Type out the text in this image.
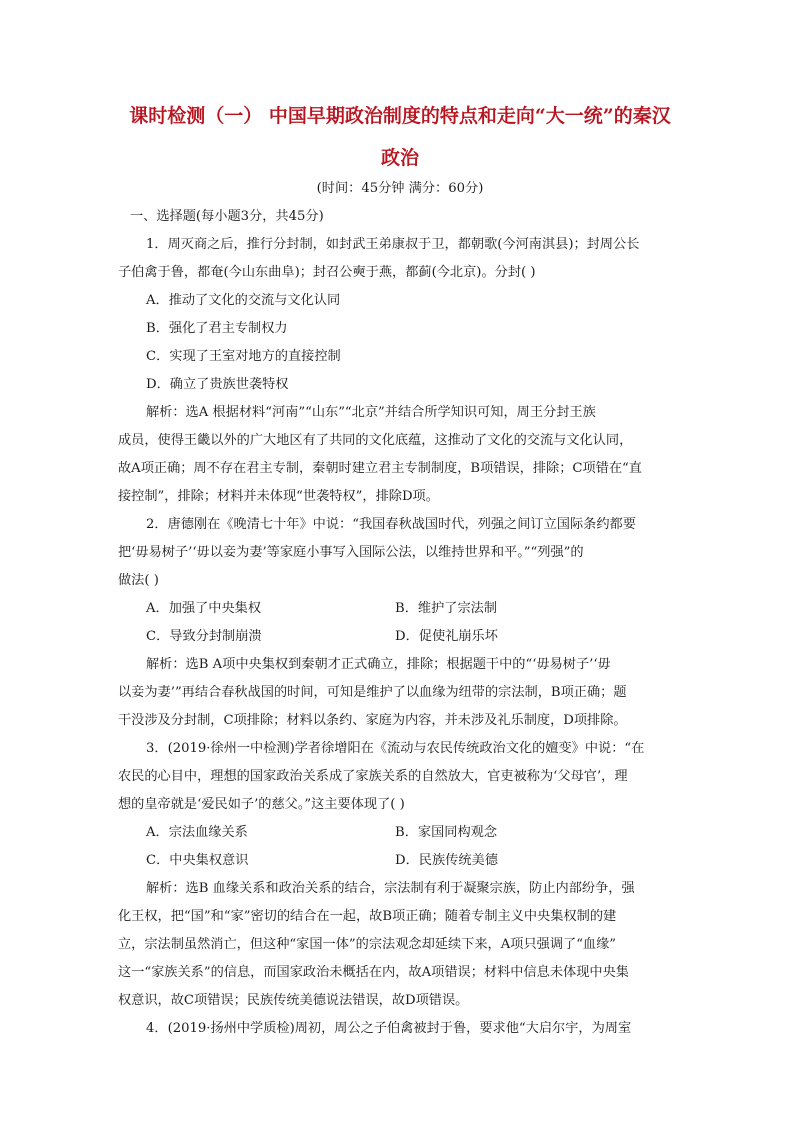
课时检测（一） 中国早期政治制度的特点和走向“大一统”的秦汉
政治
(时间：45分钟 满分：60分)
一、选择题(每小题3分，共45分)
1．周灭商之后，推行分封制，如封武王弟康叔于卫，都朝歌(今河南淇县)；封周公长
子伯禽于鲁，都奄(今山东曲阜)；封召公奭于燕，都蓟(今北京)。分封( )
A．推动了文化的交流与文化认同
B．强化了君主专制权力
C．实现了王室对地方的直接控制
D．确立了贵族世袭特权
解析：选A 根据材料“河南”“山东”“北京”并结合所学知识可知，周王分封王族
成员，使得王畿以外的广大地区有了共同的文化底蕴，这推动了文化的交流与文化认同，
故A项正确；周不存在君主专制，秦朝时建立君主专制制度，B项错误，排除；C项错在“直
接控制”，排除；材料并未体现“世袭特权”，排除D项。
2．唐德刚在《晚清七十年》中说：“我国春秋战国时代，列强之间订立国际条约都要
把‘毋易树子’‘毋以妾为妻’等家庭小事写入国际公法，以维持世界和平。”“列强”的
做法( )
A．加强了中央集权	B．维护了宗法制
C．导致分封制崩溃	D．促使礼崩乐坏
解析：选B A项中央集权到秦朝才正式确立，排除；根据题干中的“‘毋易树子’‘毋
以妾为妻’”再结合春秋战国的时间，可知是维护了以血缘为纽带的宗法制，B项正确；题
干没涉及分封制，C项排除；材料以条约、家庭为内容，并未涉及礼乐制度，D项排除。
3．(2019·徐州一中检测)学者徐增阳在《流动与农民传统政治文化的嬗变》中说：“在
农民的心目中，理想的国家政治关系成了家族关系的自然放大，官吏被称为‘父母官’，理
想的皇帝就是‘爱民如子’的慈父。”这主要体现了( )
A．宗法血缘关系	B．家国同构观念
C．中央集权意识	D．民族传统美德
解析：选B 血缘关系和政治关系的结合，宗法制有利于凝聚宗族，防止内部纷争，强
化王权，把“国”和“家”密切的结合在一起，故B项正确；随着专制主义中央集权制的建
立，宗法制虽然消亡，但这种“家国一体”的宗法观念却延续下来，A项只强调了“血缘”
这一“家族关系”的信息，而国家政治未概括在内，故A项错误；材料中信息未体现中央集
权意识，故C项错误；民族传统美德说法错误，故D项错误。
4．(2019·扬州中学质检)周初，周公之子伯禽被封于鲁，要求他“大启尔宇，为周室
